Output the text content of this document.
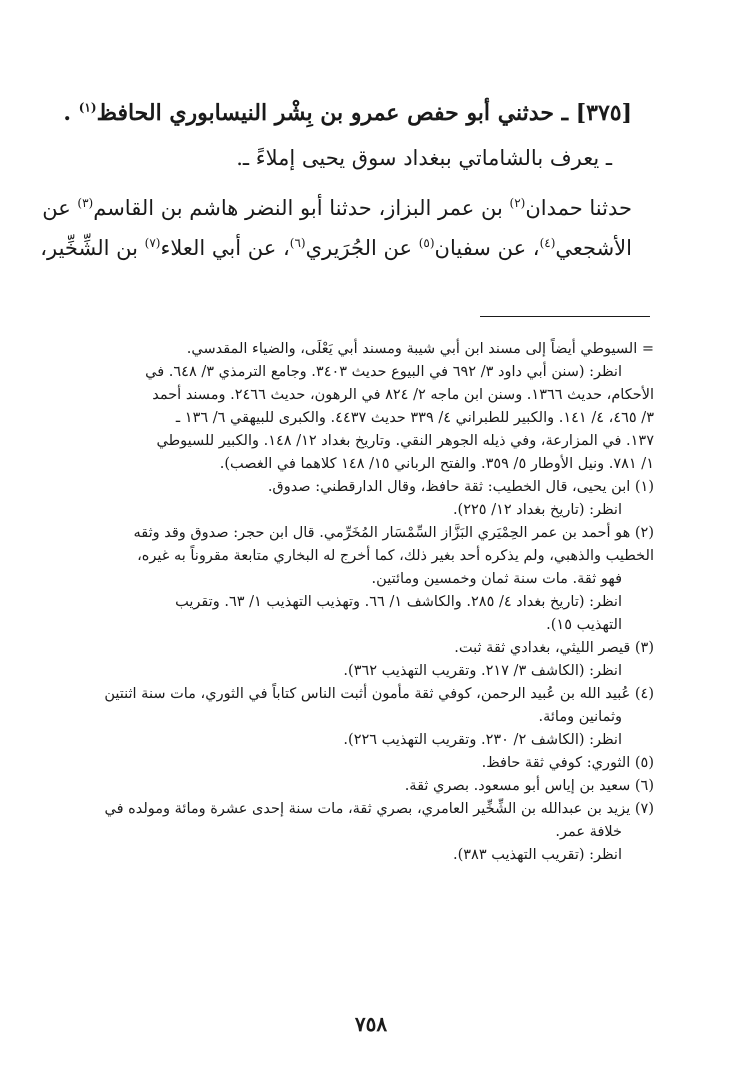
[٣٧٥] ـ حدثني أبو حفص عمرو بن بِشْر النيسابوري الحافظ$^{(١)}$ .
ـ يعرف بالشاماتي ببغداد سوق يحيى إملاءً ـ.
حدثنا حمدان$^{(٢)}$ بن عمر البزاز، حدثنا أبو النضر هاشم بن القاسم$^{(٣)}$ عن
الأشجعي$^{(٤)}$، عن سفيان$^{(٥)}$ عن الجُرَيري$^{(٦)}$، عن أبي العلاء$^{(٧)}$ بن الشِّخِّير،
= السيوطي أيضاً إلى مسند ابن أبي شيبة ومسند أبي يَعْلَى، والضياء المقدسي.
انظر: (سنن أبي داود ٣/ ٦٩٢ في البيوع حديث ٣٤٠٣. وجامع الترمذي ٣/ ٦٤٨. في
الأحكام، حديث ١٣٦٦. وسنن ابن ماجه ٢/ ٨٢٤ في الرهون، حديث ٢٤٦٦. ومسند أحمد
٣/ ٤٦٥، ٤/ ١٤١. والكبير للطبراني ٤/ ٣٣٩ حديث ٤٤٣٧. والكبرى للبيهقي ٦/ ١٣٦ ـ
١٣٧. في المزارعة، وفي ذيله الجوهر النقي. وتاريخ بغداد ١٢/ ١٤٨. والكبير للسيوطي
١/ ٧٨١. ونيل الأوطار ٥/ ٣٥٩. والفتح الرباني ١٥/ ١٤٨ كلاهما في الغصب).
(١) ابن يحيى، قال الخطيب: ثقة حافظ، وقال الدارقطني: صدوق.
انظر: (تاريخ بغداد ١٢/ ٢٢٥).
(٢) هو أحمد بن عمر الحِمْيَري البَزَّاز السِّمْسَار المُخَرِّمي. قال ابن حجر: صدوق وقد وثقه
الخطيب والذهبي، ولم يذكره أحد بغير ذلك، كما أخرج له البخاري متابعة مقروناً به غيره،
فهو ثقة. مات سنة ثمان وخمسين ومائتين.
انظر: (تاريخ بغداد ٤/ ٢٨٥. والكاشف ١/ ٦٦. وتهذيب التهذيب ١/ ٦٣. وتقريب
التهذيب ١٥).
(٣) قيصر الليثي، بغدادي ثقة ثبت.
انظر: (الكاشف ٣/ ٢١٧. وتقريب التهذيب ٣٦٢).
(٤) عُبيد الله بن عُبيد الرحمن، كوفي ثقة مأمون أثبت الناس كتاباً في الثوري، مات سنة اثنتين
وثمانين ومائة.
انظر: (الكاشف ٢/ ٢٣٠. وتقريب التهذيب ٢٢٦).
(٥) الثوري: كوفي ثقة حافظ.
(٦) سعيد بن إياس أبو مسعود. بصري ثقة.
(٧) يزيد بن عبدالله بن الشِّخِّير العامري، بصري ثقة، مات سنة إحدى عشرة ومائة ومولده في
خلافة عمر.
انظر: (تقريب التهذيب ٣٨٣).
٧٥٨
